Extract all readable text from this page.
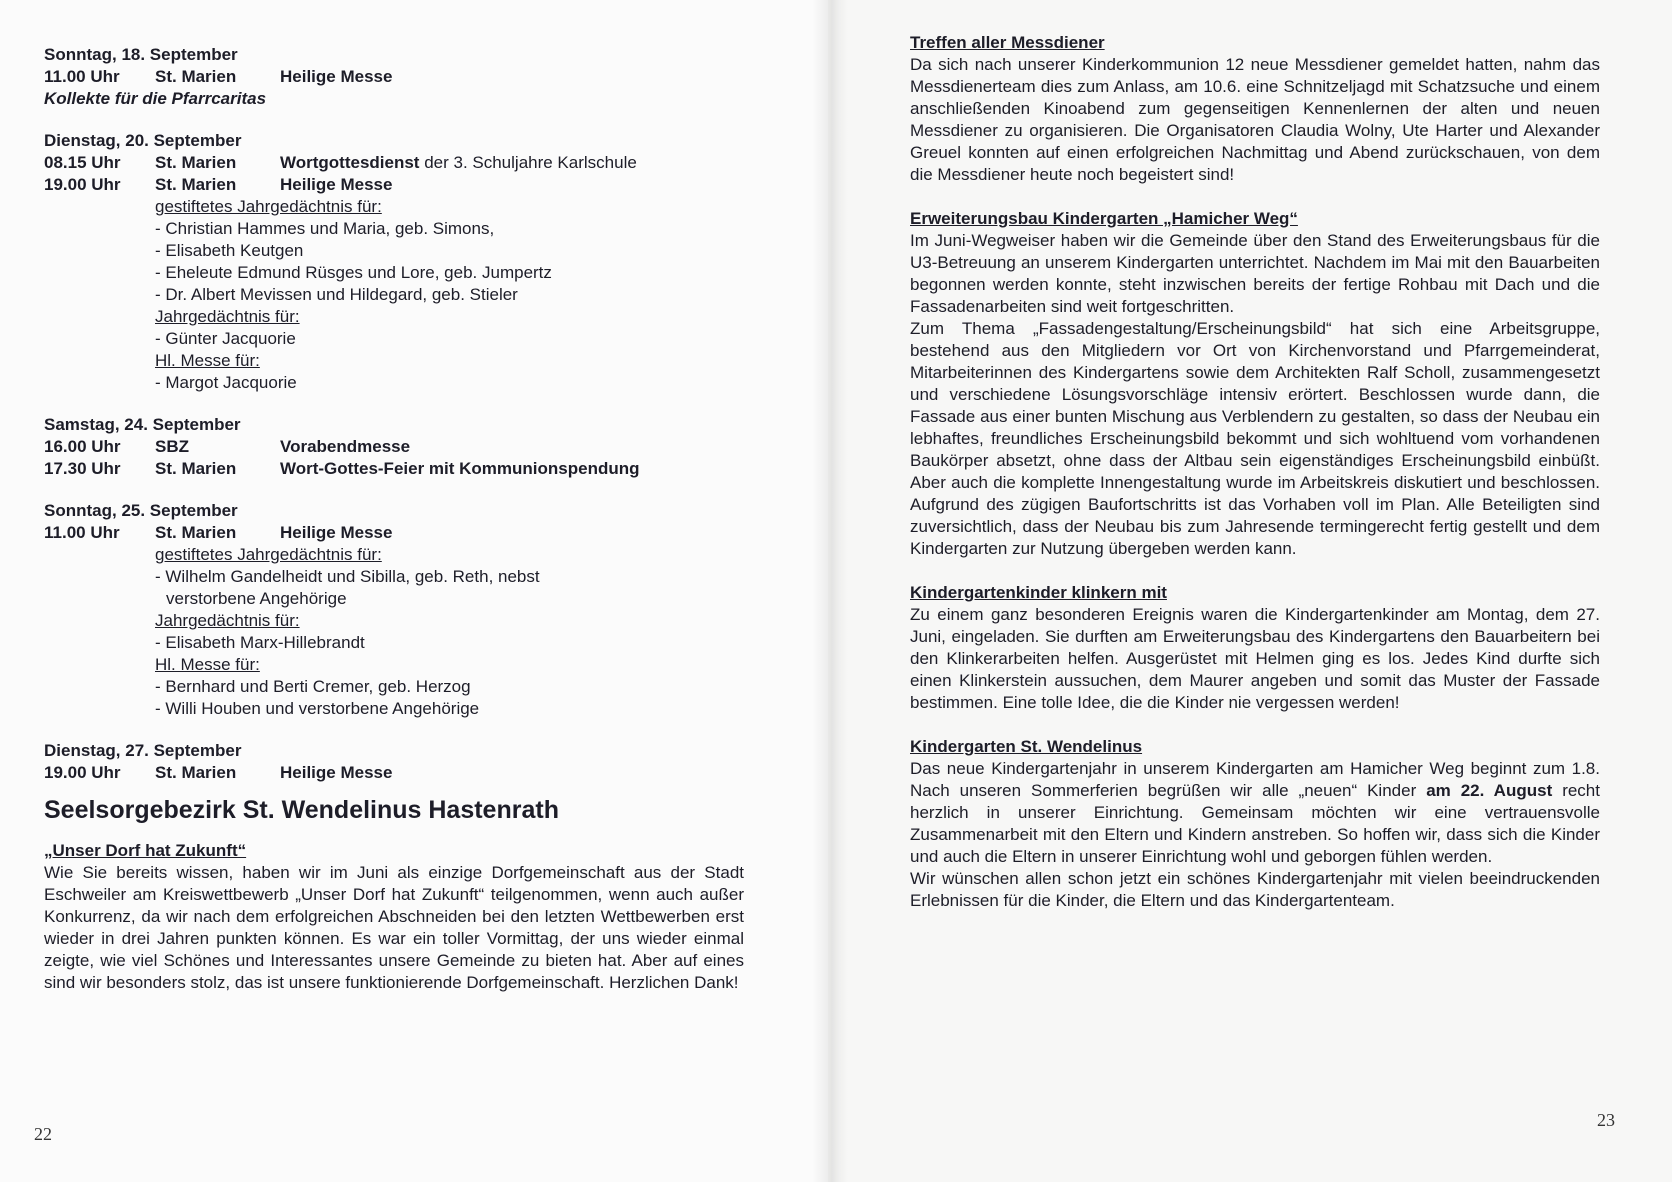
Sonntag, 18. September
11.00 Uhr	St. Marien	Heilige Messe
Kollekte für die Pfarrcaritas
Dienstag, 20. September
08.15 Uhr	St. Marien	Wortgottesdienst der 3. Schuljahre Karlschule
19.00 Uhr	St. Marien	Heilige Messe
gestiftetes Jahrgedächtnis für:
- Christian Hammes und Maria, geb. Simons,
- Elisabeth Keutgen
- Eheleute Edmund Rüsges und Lore, geb. Jumpertz
- Dr. Albert Mevissen und Hildegard, geb. Stieler
Jahrgedächtnis für:
- Günter Jacquorie
Hl. Messe für:
- Margot Jacquorie
Samstag, 24. September
16.00 Uhr	SBZ	Vorabendmesse
17.30 Uhr	St. Marien	Wort-Gottes-Feier mit Kommunionspendung
Sonntag, 25. September
11.00 Uhr	St. Marien	Heilige Messe
gestiftetes Jahrgedächtnis für:
- Wilhelm Gandelheidt und Sibilla, geb. Reth, nebst
verstorbene Angehörige
Jahrgedächtnis für:
- Elisabeth Marx-Hillebrandt
Hl. Messe für:
- Bernhard und Berti Cremer, geb. Herzog
- Willi Houben und verstorbene Angehörige
Dienstag, 27. September
19.00 Uhr	St. Marien	Heilige Messe
Seelsorgebezirk St. Wendelinus Hastenrath
„Unser Dorf hat Zukunft“

Wie Sie bereits wissen, haben wir im Juni als einzige Dorfgemeinschaft aus der Stadt Eschweiler am Kreiswettbewerb „Unser Dorf hat Zukunft“ teilgenommen, wenn auch außer Konkurrenz, da wir nach dem erfolgreichen Abschneiden bei den letzten Wettbewerben erst wieder in drei Jahren punkten können. Es war ein toller Vormittag, der uns wieder einmal zeigte, wie viel Schönes und Interessantes unsere Gemeinde zu bieten hat. Aber auf eines sind wir besonders stolz, das ist unsere funktionierende Dorfgemeinschaft. Herzlichen Dank!

22
Treffen aller Messdiener

Da sich nach unserer Kinderkommunion 12 neue Messdiener gemeldet hatten, nahm das Messdienerteam dies zum Anlass, am 10.6. eine Schnitzeljagd mit Schatzsuche und einem anschließenden Kinoabend zum gegenseitigen Kennenlernen der alten und neuen Messdiener zu organisieren. Die Organisatoren Claudia Wolny, Ute Harter und Alexander Greuel konnten auf einen erfolgreichen Nachmittag und Abend zurückschauen, von dem die Messdiener heute noch begeistert sind!

Erweiterungsbau Kindergarten „Hamicher Weg“

Im Juni-Wegweiser haben wir die Gemeinde über den Stand des Erweiterungsbaus für die U3-Betreuung an unserem Kindergarten unterrichtet. Nachdem im Mai mit den Bauarbeiten begonnen werden konnte, steht inzwischen bereits der fertige Rohbau mit Dach und die Fassadenarbeiten sind weit fortgeschritten.

Zum Thema „Fassadengestaltung/Erscheinungsbild“ hat sich eine Arbeitsgruppe, bestehend aus den Mitgliedern vor Ort von Kirchenvorstand und Pfarrgemeinderat, Mitarbeiterinnen des Kindergartens sowie dem Architekten Ralf Scholl, zusammengesetzt und verschiedene Lösungsvorschläge intensiv erörtert. Beschlossen wurde dann, die Fassade aus einer bunten Mischung aus Verblendern zu gestalten, so dass der Neubau ein lebhaftes, freundliches Erscheinungsbild bekommt und sich wohltuend vom vorhandenen Baukörper absetzt, ohne dass der Altbau sein eigenständiges Erscheinungsbild einbüßt. Aber auch die komplette Innengestaltung wurde im Arbeitskreis diskutiert und beschlossen. Aufgrund des zügigen Baufortschritts ist das Vorhaben voll im Plan. Alle Beteiligten sind zuversichtlich, dass der Neubau bis zum Jahresende termingerecht fertig gestellt und dem Kindergarten zur Nutzung übergeben werden kann.

Kindergartenkinder klinkern mit

Zu einem ganz besonderen Ereignis waren die Kindergartenkinder am Montag, dem 27. Juni, eingeladen. Sie durften am Erweiterungsbau des Kindergartens den Bauarbeitern bei den Klinkerarbeiten helfen. Ausgerüstet mit Helmen ging es los. Jedes Kind durfte sich einen Klinkerstein aussuchen, dem Maurer angeben und somit das Muster der Fassade bestimmen. Eine tolle Idee, die die Kinder nie vergessen werden!

Kindergarten St. Wendelinus

Das neue Kindergartenjahr in unserem Kindergarten am Hamicher Weg beginnt zum 1.8. Nach unseren Sommerferien begrüßen wir alle „neuen“ Kinder am 22. August recht herzlich in unserer Einrichtung. Gemeinsam möchten wir eine vertrauensvolle Zusammenarbeit mit den Eltern und Kindern anstreben. So hoffen wir, dass sich die Kinder und auch die Eltern in unserer Einrichtung wohl und geborgen fühlen werden.

Wir wünschen allen schon jetzt ein schönes Kindergartenjahr mit vielen beeindruckenden Erlebnissen für die Kinder, die Eltern und das Kindergartenteam.

23
